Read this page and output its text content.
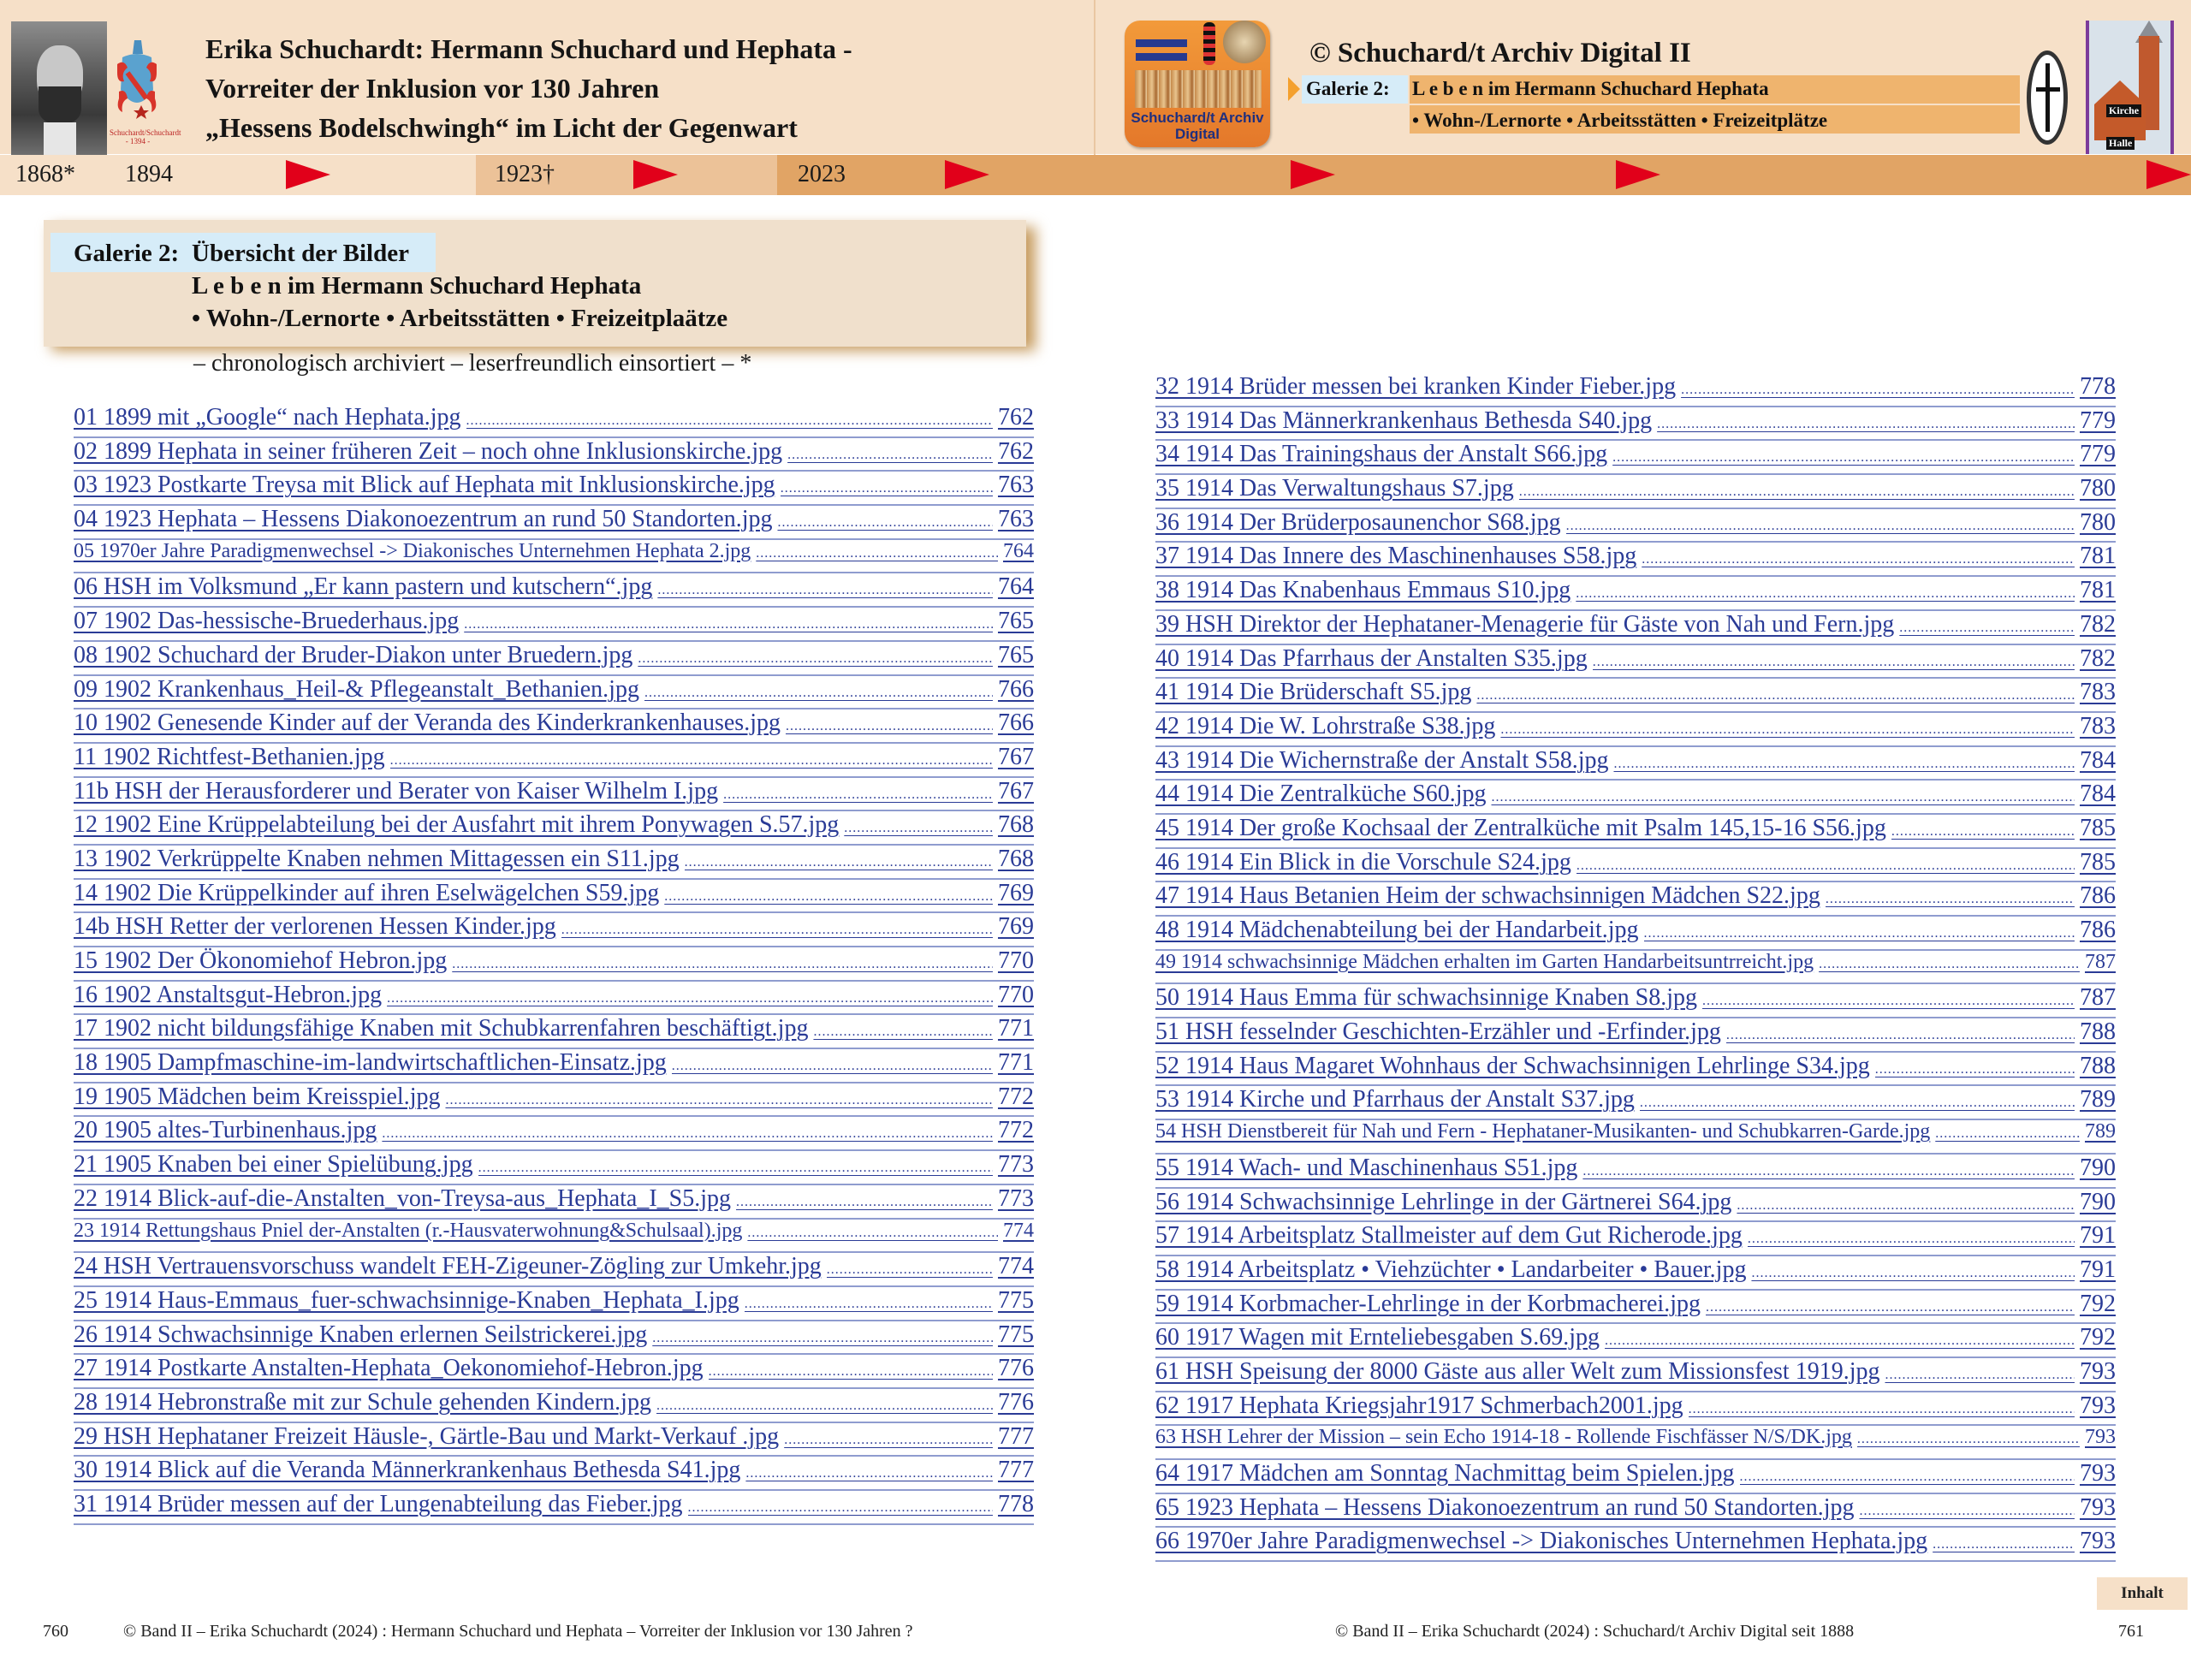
Schuchardt/Schuchardt
- 1394 -
Erika Schuchardt: Hermann Schuchard und Hephata -
Vorreiter der Inklusion vor 130 Jahren
„Hessens Bodelschwingh“ im Licht der Gegenwart	Schuchard/t Archiv Digital
© Schuchard/t Archiv Digital II
Galerie 2: L e b e n im Hermann Schuchard Hephata
• Wohn-/Lernorte • Arbeitsstätten • Freizeitplätze	Kirche
Halle
1868* 1894	1923†	2023
Galerie 2: Übersicht der Bilder
L e b e n im Hermann Schuchard Hephata
• Wohn-/Lernorte • Arbeitsstätten • Freizeitplaätze
– chronologisch archiviert – leserfreundlich einsortiert – *
01 1899 mit „Google“ nach Hephata.jpg .....	762
02 1899 Hephata in seiner früheren Zeit – noch ohne Inklusionskirche.jpg .....	762
03 1923 Postkarte Treysa mit Blick auf Hephata mit Inklusionskirche.jpg .....	763
04 1923 Hephata – Hessens Diakonoezentrum an rund 50 Standorten.jpg .....	763
05 1970er Jahre Paradigmenwechsel -> Diakonisches Unternehmen Hephata 2.jpg .....	764
06 HSH im Volksmund „Er kann pastern und kutschern“.jpg .....	764
07 1902 Das-hessische-Bruederhaus.jpg .....	765
08 1902 Schuchard der Bruder-Diakon unter Bruedern.jpg .....	765
09 1902 Krankenhaus_Heil-& Pflegeanstalt_Bethanien.jpg .....	766
10 1902 Genesende Kinder auf der Veranda des Kinderkrankenhauses.jpg .....	766
11 1902 Richtfest-Bethanien.jpg .....	767
11b HSH der Herausforderer und Berater von Kaiser Wilhelm I.jpg .....	767
12 1902 Eine Krüppelabteilung bei der Ausfahrt mit ihrem Ponywagen S.57.jpg .....	768
13 1902 Verkrüppelte Knaben nehmen Mittagessen ein S11.jpg .....	768
14 1902 Die Krüppelkinder auf ihren Eselwägelchen S59.jpg .....	769
14b HSH Retter der verlorenen Hessen Kinder.jpg .....	769
15 1902 Der Ökonomiehof Hebron.jpg .....	770
16 1902 Anstaltsgut-Hebron.jpg .....	770
17 1902 nicht bildungsfähige Knaben mit Schubkarrenfahren beschäftigt.jpg .....	771
18 1905 Dampfmaschine-im-landwirtschaftlichen-Einsatz.jpg .....	771
19 1905 Mädchen beim Kreisspiel.jpg .....	772
20 1905 altes-Turbinenhaus.jpg .....	772
21 1905 Knaben bei einer Spielübung.jpg .....	773
22 1914 Blick-auf-die-Anstalten_von-Treysa-aus_Hephata_I_S5.jpg .....	773
23 1914 Rettungshaus Pniel der-Anstalten (r.-Hausvaterwohnung&Schulsaal).jpg .....	774
24 HSH Vertrauensvorschuss wandelt FEH-Zigeuner-Zögling zur Umkehr.jpg .....	774
25 1914 Haus-Emmaus_fuer-schwachsinnige-Knaben_Hephata_I.jpg .....	775
26 1914 Schwachsinnige Knaben erlernen Seilstrickerei.jpg .....	775
27 1914 Postkarte Anstalten-Hephata_Oekonomiehof-Hebron.jpg .....	776
28 1914 Hebronstraße mit zur Schule gehenden Kindern.jpg .....	776
29 HSH Hephataner Freizeit Häusle-, Gärtle-Bau und Markt-Verkauf .jpg .....	777
30 1914 Blick auf die Veranda Männerkrankenhaus Bethesda S41.jpg .....	777
31 1914 Brüder messen auf der Lungenabteilung das Fieber.jpg .....	778
32 1914 Brüder messen bei kranken Kinder Fieber.jpg .....	778
33 1914 Das Männerkrankenhaus Bethesda S40.jpg .....	779
34 1914 Das Trainingshaus der Anstalt S66.jpg .....	779
35 1914 Das Verwaltungshaus S7.jpg .....	780
36 1914 Der Brüderposaunenchor S68.jpg .....	780
37 1914 Das Innere des Maschinenhauses S58.jpg .....	781
38 1914 Das Knabenhaus Emmaus S10.jpg .....	781
39 HSH Direktor der Hephataner-Menagerie für Gäste von Nah und Fern.jpg .....	782
40 1914 Das Pfarrhaus der Anstalten S35.jpg .....	782
41 1914 Die Brüderschaft S5.jpg .....	783
42 1914 Die W. Lohrstraße S38.jpg .....	783
43 1914 Die Wichernstraße der Anstalt S58.jpg .....	784
44 1914 Die Zentralküche S60.jpg .....	784
45 1914 Der große Kochsaal der Zentralküche mit Psalm 145,15-16 S56.jpg .....	785
46 1914 Ein Blick in die Vorschule S24.jpg .....	785
47 1914 Haus Betanien Heim der schwachsinnigen Mädchen S22.jpg .....	786
48 1914 Mädchenabteilung bei der Handarbeit.jpg .....	786
49 1914 schwachsinnige Mädchen erhalten im Garten Handarbeitsuntrreicht.jpg .....	787
50 1914 Haus Emma für schwachsinnige Knaben S8.jpg .....	787
51 HSH fesselnder Geschichten-Erzähler und -Erfinder.jpg .....	788
52 1914 Haus Magaret Wohnhaus der Schwachsinnigen Lehrlinge S34.jpg .....	788
53 1914 Kirche und Pfarrhaus der Anstalt S37.jpg .....	789
54 HSH Dienstbereit für Nah und Fern - Hephataner-Musikanten- und Schubkarren-Garde.jpg .....	789
55 1914 Wach- und Maschinenhaus S51.jpg .....	790
56 1914 Schwachsinnige Lehrlinge in der Gärtnerei S64.jpg .....	790
57 1914 Arbeitsplatz Stallmeister auf dem Gut Richerode.jpg .....	791
58 1914 Arbeitsplatz • Viehzüchter • Landarbeiter • Bauer.jpg .....	791
59 1914 Korbmacher-Lehrlinge in der Korbmacherei.jpg .....	792
60 1917 Wagen mit Ernteliebesgaben S.69.jpg .....	792
61 HSH Speisung der 8000 Gäste aus aller Welt zum Missionsfest 1919.jpg .....	793
62 1917 Hephata Kriegsjahr1917 Schmerbach2001.jpg .....	793
63 HSH Lehrer der Mission – sein Echo 1914-18 - Rollende Fischfässer N/S/DK.jpg .....	793
64 1917 Mädchen am Sonntag Nachmittag beim Spielen.jpg .....	793
65 1923 Hephata – Hessens Diakonoezentrum an rund 50 Standorten.jpg .....	793
66 1970er Jahre Paradigmenwechsel -> Diakonisches Unternehmen Hephata.jpg .....	793
760	© Band II – Erika Schuchardt (2024) : Hermann Schuchard und Hephata – Vorreiter der Inklusion vor 130 Jahren ?
Inhalt
© Band II – Erika Schuchardt (2024) : Schuchard/t Archiv Digital seit 1888	761
